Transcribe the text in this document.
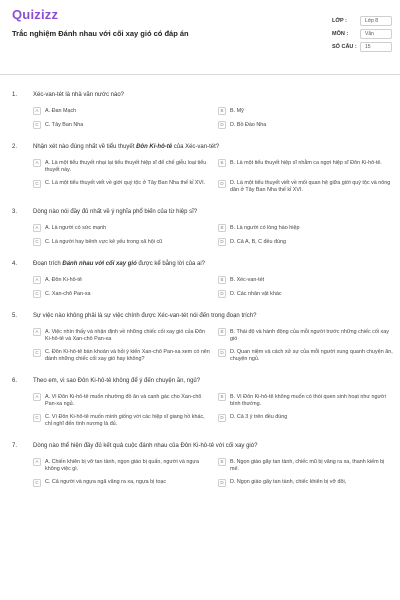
Quizizz
Trắc nghiệm Đánh nhau với cối xay gió có đáp án
LỚP :	Lớp 8
MÔN :	Văn
SỐ CÂU :	15
1.	Xéc-van-tét là nhà văn nước nào?
A	A. Đan Mạch	B	B. Mỹ
C	C. Tây Ban Nha	D	D. Bồ Đào Nha
2.	Nhận xét nào đúng nhất về tiểu thuyết Đôn Ki-hô-tê của Xéc-van-tét?
A	A. Là một tiểu thuyết nhại lại tiểu thuyết hiệp sĩ để chế giễu loại tiểu thuyết này.
B	B. Là một tiểu thuyết hiệp sĩ nhằm ca ngợi hiệp sĩ Đôn Ki-hô-tê.
C	C. Là một tiểu thuyết viết về giới quý tộc ở Tây Ban Nha thế kỉ XVI.	D	D. Là một tiểu thuyết viết về mối quan hệ giữa giới quý tộc và nông dân ở Tây Ban Nha thế kỉ XVI.
3.	Dòng nào nói đầy đủ nhất về ý nghĩa phổ biến của từ hiệp sĩ?
A	A. Là người có sức mạnh	B	B. Là người có lòng hào hiệp
C	C. Là người hay bênh vực kẻ yếu trong xã hội cũ	D	D. Cả A, B, C đều đúng
4.	Đoạn trích Đánh nhau với cối xay gió được kể bằng lời của ai?
A	A. Đôn Ki-hô-tê	B	B. Xéc-van-tét
C	C. Xan-chô Pan-xa	D	D. Các nhân vật khác
5.	Sự việc nào không phải là sự việc chính được Xéc-van-tét nói đến trong đoạn trích?
A	A. Việc nhìn thấy và nhận định về những chiếc cối xay gió của Đôn Ki-hô-tê và Xan-chô Pan-xa
B	B. Thái độ và hành động của mỗi người trước những chiếc cối xay gió
C	C. Đôn Ki-hô-tê bàn khoản và hỏi ý kiến Xan-chô Pan-xa xem có nên đánh những chiếc cối xay gió hay không?
D	D. Quan niệm và cách xử sự của mỗi người xung quanh chuyện ăn, chuyện ngủ.
6.	Theo em, vì sao Đôn Ki-hô-tê không để ý đến chuyện ăn, ngủ?
A	A. Vì Đôn Ki-hô-tê muốn nhường đồ ăn và canh gác cho Xan-chô Pan-xa ngủ.
B	B. Vì Đôn Ki-hô-tê không muốn có thói quen sinh hoạt như người bình thường.
C	C. Vì Đôn Ki-hô-tê muốn mình giống với các hiệp sĩ giang hồ khác, chỉ nghĩ đến tình nương là đủ.
D	D. Cả 3 ý trên đều đúng
7.	Dòng nào thể hiện đầy đủ kết quả cuộc đánh nhau của Đôn Ki-hô-tê với cối xay gió?
A	A. Chiến khiên bị vỡ tan tành, ngọn giáo bị quấn, người và ngựa không việc gì.
B	B. Ngọn giáo gãy tan tành, chiếc mũ bị văng ra xa, thanh kiếm bị mẻ.
C	C. Cả người và ngựa ngã văng ra xa, ngựa bị toạc	D	D. Ngọn giáo gãy tan tành, chiếc khiên bị vỡ đôi,
